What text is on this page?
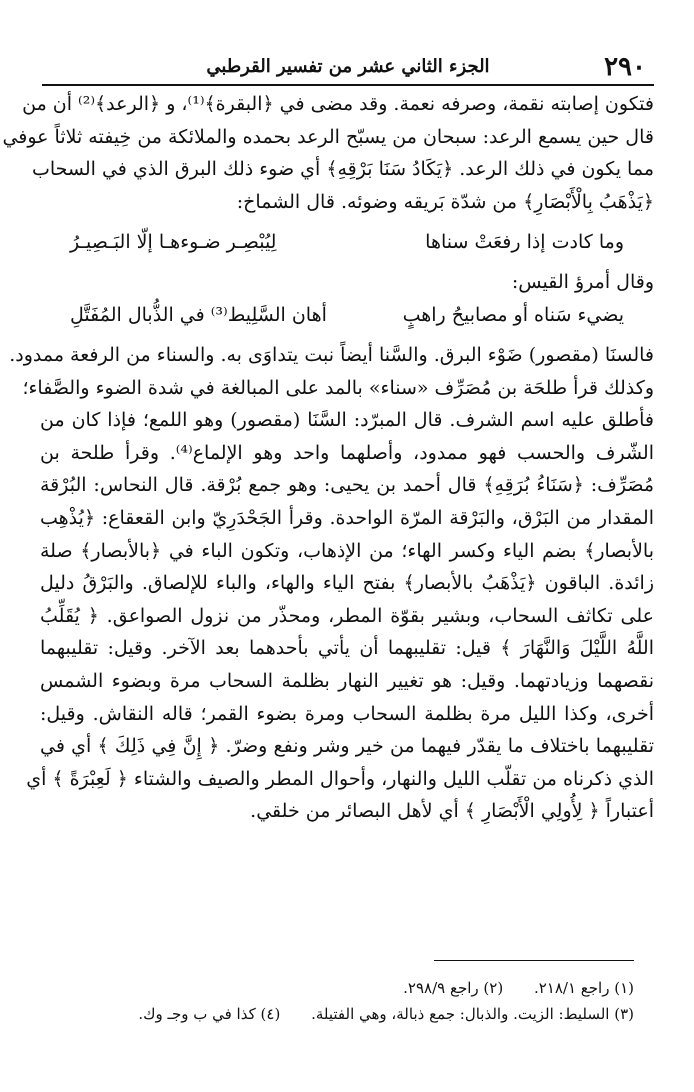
٢٩٠
الجزء الثاني عشر من تفسير القرطبي
فتكون إصابته نقمة، وصرفه نعمة. وقد مضى في ﴿البقرة﴾⁽¹⁾، و ﴿الرعد﴾⁽²⁾ أن من
قال حين يسمع الرعد: سبحان من يسبّح الرعد بحمده والملائكة من خِيفته ثلاثاً عوفي
مما يكون في ذلك الرعد. ﴿يَكَادُ سَنَا بَرْقِهِ﴾ أي ضوء ذلك البرق الذي في السحاب
﴿يَذْهَبُ بِالْأَبْصَارِ﴾ من شدّة بَريقه وضوئه. قال الشماخ:
وما كادت إذا رفعَتْ سناها
لِيُبْصِـر ضـوءهـا إلّا البَـصِيـرُ
وقال أمرؤ القيس:
يضيء سَناه أو مصابيحُ راهبٍ
أهان السَّلِيط⁽³⁾ في الذُّبال المُفَتَّلِ
فالسنَا (مقصور) ضَوْء البرق. والسَّنا أيضاً نبت يتداوَى به. والسناء من الرفعة ممدود.
وكذلك قرأ طلحَة بن مُصَرِّف «سناء» بالمد على المبالغة في شدة الضوء والصَّفاء؛
فأطلق عليه اسم الشرف. قال المبرّد: السَّنَا (مقصور) وهو اللمع؛ فإذا كان من
الشّرف والحسب فهو ممدود، وأصلهما واحد وهو الإلماع⁽⁴⁾. وقرأ طلحة بن
مُصَرِّف: ﴿سَنَاءُ بُرَقِهِ﴾ قال أحمد بن يحيى: وهو جمع بُرْقة. قال النحاس: البُرْقة
المقدار من البَرْق، والبَرْقة المرّة الواحدة. وقرأ الجَحْدَرِيّ وابن القعقاع: ﴿يُذْهِب
بالأبصار﴾ بضم الياء وكسر الهاء؛ من الإذهاب، وتكون الباء في ﴿بالأبصار﴾ صلة
زائدة. الباقون ﴿يَذْهَبُ بالأبصار﴾ بفتح الياء والهاء، والباء للإلصاق. والبَرْقُ دليل
على تكاثف السحاب، وبشير بقوّة المطر، ومحذّر من نزول الصواعق. ﴿ يُقَلِّبُ
اللَّهُ اللَّيْلَ وَالنَّهَارَ ﴾ قيل: تقليبهما أن يأتي بأحدهما بعد الآخر. وقيل: تقليبهما
نقصهما وزيادتهما. وقيل: هو تغيير النهار بظلمة السحاب مرة وبضوء الشمس
أخرى، وكذا الليل مرة بظلمة السحاب ومرة بضوء القمر؛ قاله النقاش. وقيل:
تقليبهما باختلاف ما يقدّر فيهما من خير وشر ونفع وضرّ. ﴿ إِنَّ فِي ذَلِكَ ﴾ أي في
الذي ذكرناه من تقلّب الليل والنهار، وأحوال المطر والصيف والشتاء ﴿ لَعِبْرَةً ﴾ أي
أعتباراً ﴿ لِأُولِي الْأَبْصَارِ ﴾ أي لأهل البصائر من خلقي.
(١) راجع ٢١٨/١. (٢) راجع ٢٩٨/٩.
(٣) السليط: الزيت. والذبال: جمع ذبالة، وهي الفتيلة. (٤) كذا في ب وجـ وك.
